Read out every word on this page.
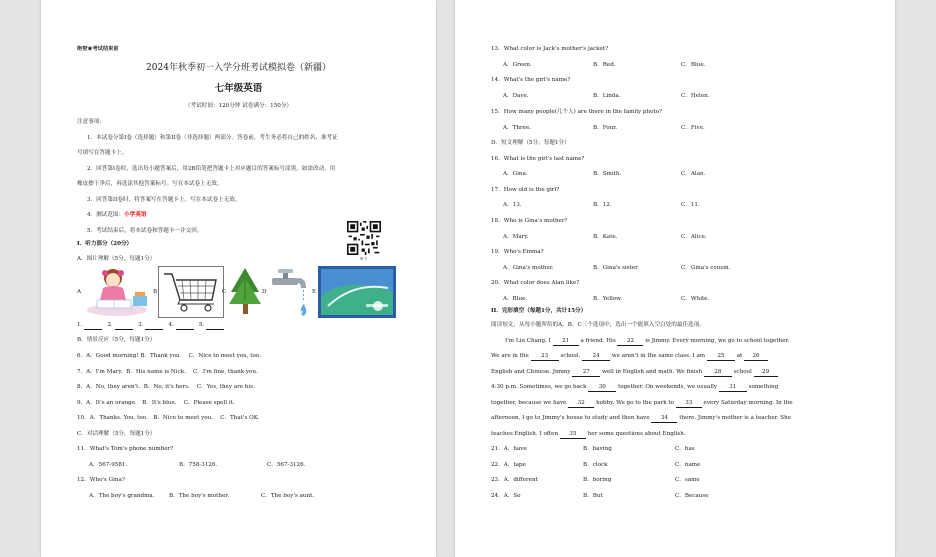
绝密★考试结束前
2024年秋季初一入学分班考试模拟卷（新疆）
七年级英语
（考试时间：120分钟 试卷满分：150分）
注意事项：
1．本试卷分第I卷（选择题）和第II卷（非选择题）两部分。答卷前，考生务必将自己的姓名、准考证
号填写在答题卡上。
2．回答第I卷时，选出每小题答案后，用2B铅笔把答题卡上对应题目的答案标号涂黑。如需改动，用
橡皮擦干净后，再选涂其他答案标号。写在本试卷上无效。
3．回答第II卷时，将答案写在答题卡上。写在本试卷上无效。
4．测试范围：小学英语
5．考试结束后，将本试卷和答题卡一并交回。
听力
I．听力部分（20分）
A．图片理解（5分，每题1分）
A	B	C	D	E
1.	2.	3.	4.	5.
B．情景反应（5分，每题1分）
6．A．Good morning! B．Thank you. C．Nice to meet you, too.
7．A．I'm Mary. B．His name is Nick. C．I'm fine, thank you.
8．A．No, they aren't. B．No, it's hers. C．Yes, they are his.
9．A．It's an orange. B．It's blue. C．Please spell it.
10．A．Thanks. You, too. B．Nice to meet you. C．That's OK.
C．对话理解（5分，每题1分）
11．What's Tom's phone number?
A．567-9581.	B．758-3126.	C．567-3126.
12．Who's Gina?
A．The boy's grandma.	B．The boy's mother.	C．The boy's aunt.
13．What color is Jack's mother's jacket?
A．Green.	B．Red.	C．Blue.
14．What's the girl's name?
A．Dave.	B．Linda.	C．Helen.
15．How many people(几个人) are there in the family photo?
A．Three.	B．Four.	C．Five.
D．短文理解（5分，每题1分）
16．What is the girl's last name?
A．Gina.	B．Smith.	C．Alan.
17．How old is the girl?
A．13.	B．12.	C．11.
18．Who is Gina's mother?
A．Mary.	B．Kate.	C．Alice.
19．Who's Emma?
A．Gina's mother.	B．Gina's sister.	C．Gina's cousin.
20．What color does Alan like?
A．Blue.	B．Yellow.	C．White.
II．完形填空（每题1分，共计15分）
阅读短文，从每小题所给的A、B、C三个选项中，选出一个能填入空白处的最佳选项。
I'm Liu Chang. I 21 a friend. His 22 is Jimmy. Every morning, we go to school together.
We are in the 23 school. 24 we aren't in the same class. I am 25 at 26
English and Chinese. Jimmy 27 well in English and math. We finish 28 school 29
4:30 p.m. Sometimes, we go back 30 together. On weekends, we usually 31 something
together, because we have 32 hobby. We go to the park to 33 every Saturday morning. In the
afternoon, I go to Jimmy's house to study and then have 34 there. Jimmy's mother is a teacher. She
teaches English. I often 35 her some questions about English.
21．A．have	B．having	C．has
22．A．tape	B．clock	C．name
23．A．different	B．boring	C．same
24．A．So	B．But	C．Because
